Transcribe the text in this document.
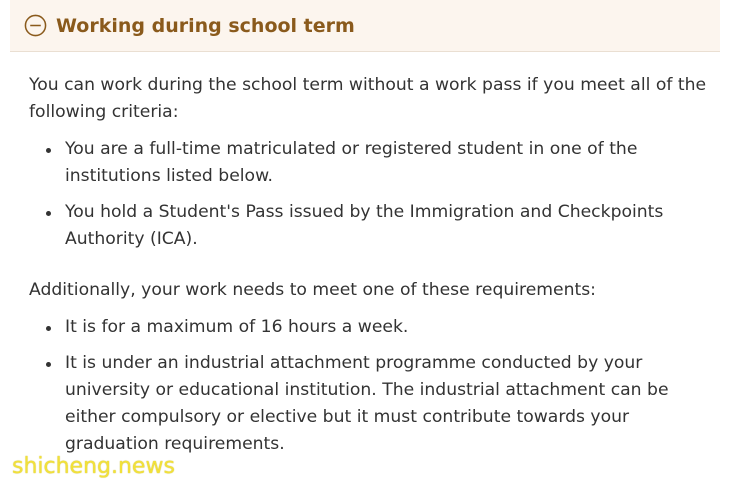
Working during school term

You can work during the school term without a work pass if you meet all of the following criteria:

You are a full-time matriculated or registered student in one of the institutions listed below.
You hold a Student's Pass issued by the Immigration and Checkpoints Authority (ICA).

Additionally, your work needs to meet one of these requirements:

It is for a maximum of 16 hours a week.
It is under an industrial attachment programme conducted by your university or educational institution. The industrial attachment can be either compulsory or elective but it must contribute towards your graduation requirements.
shicheng.news
